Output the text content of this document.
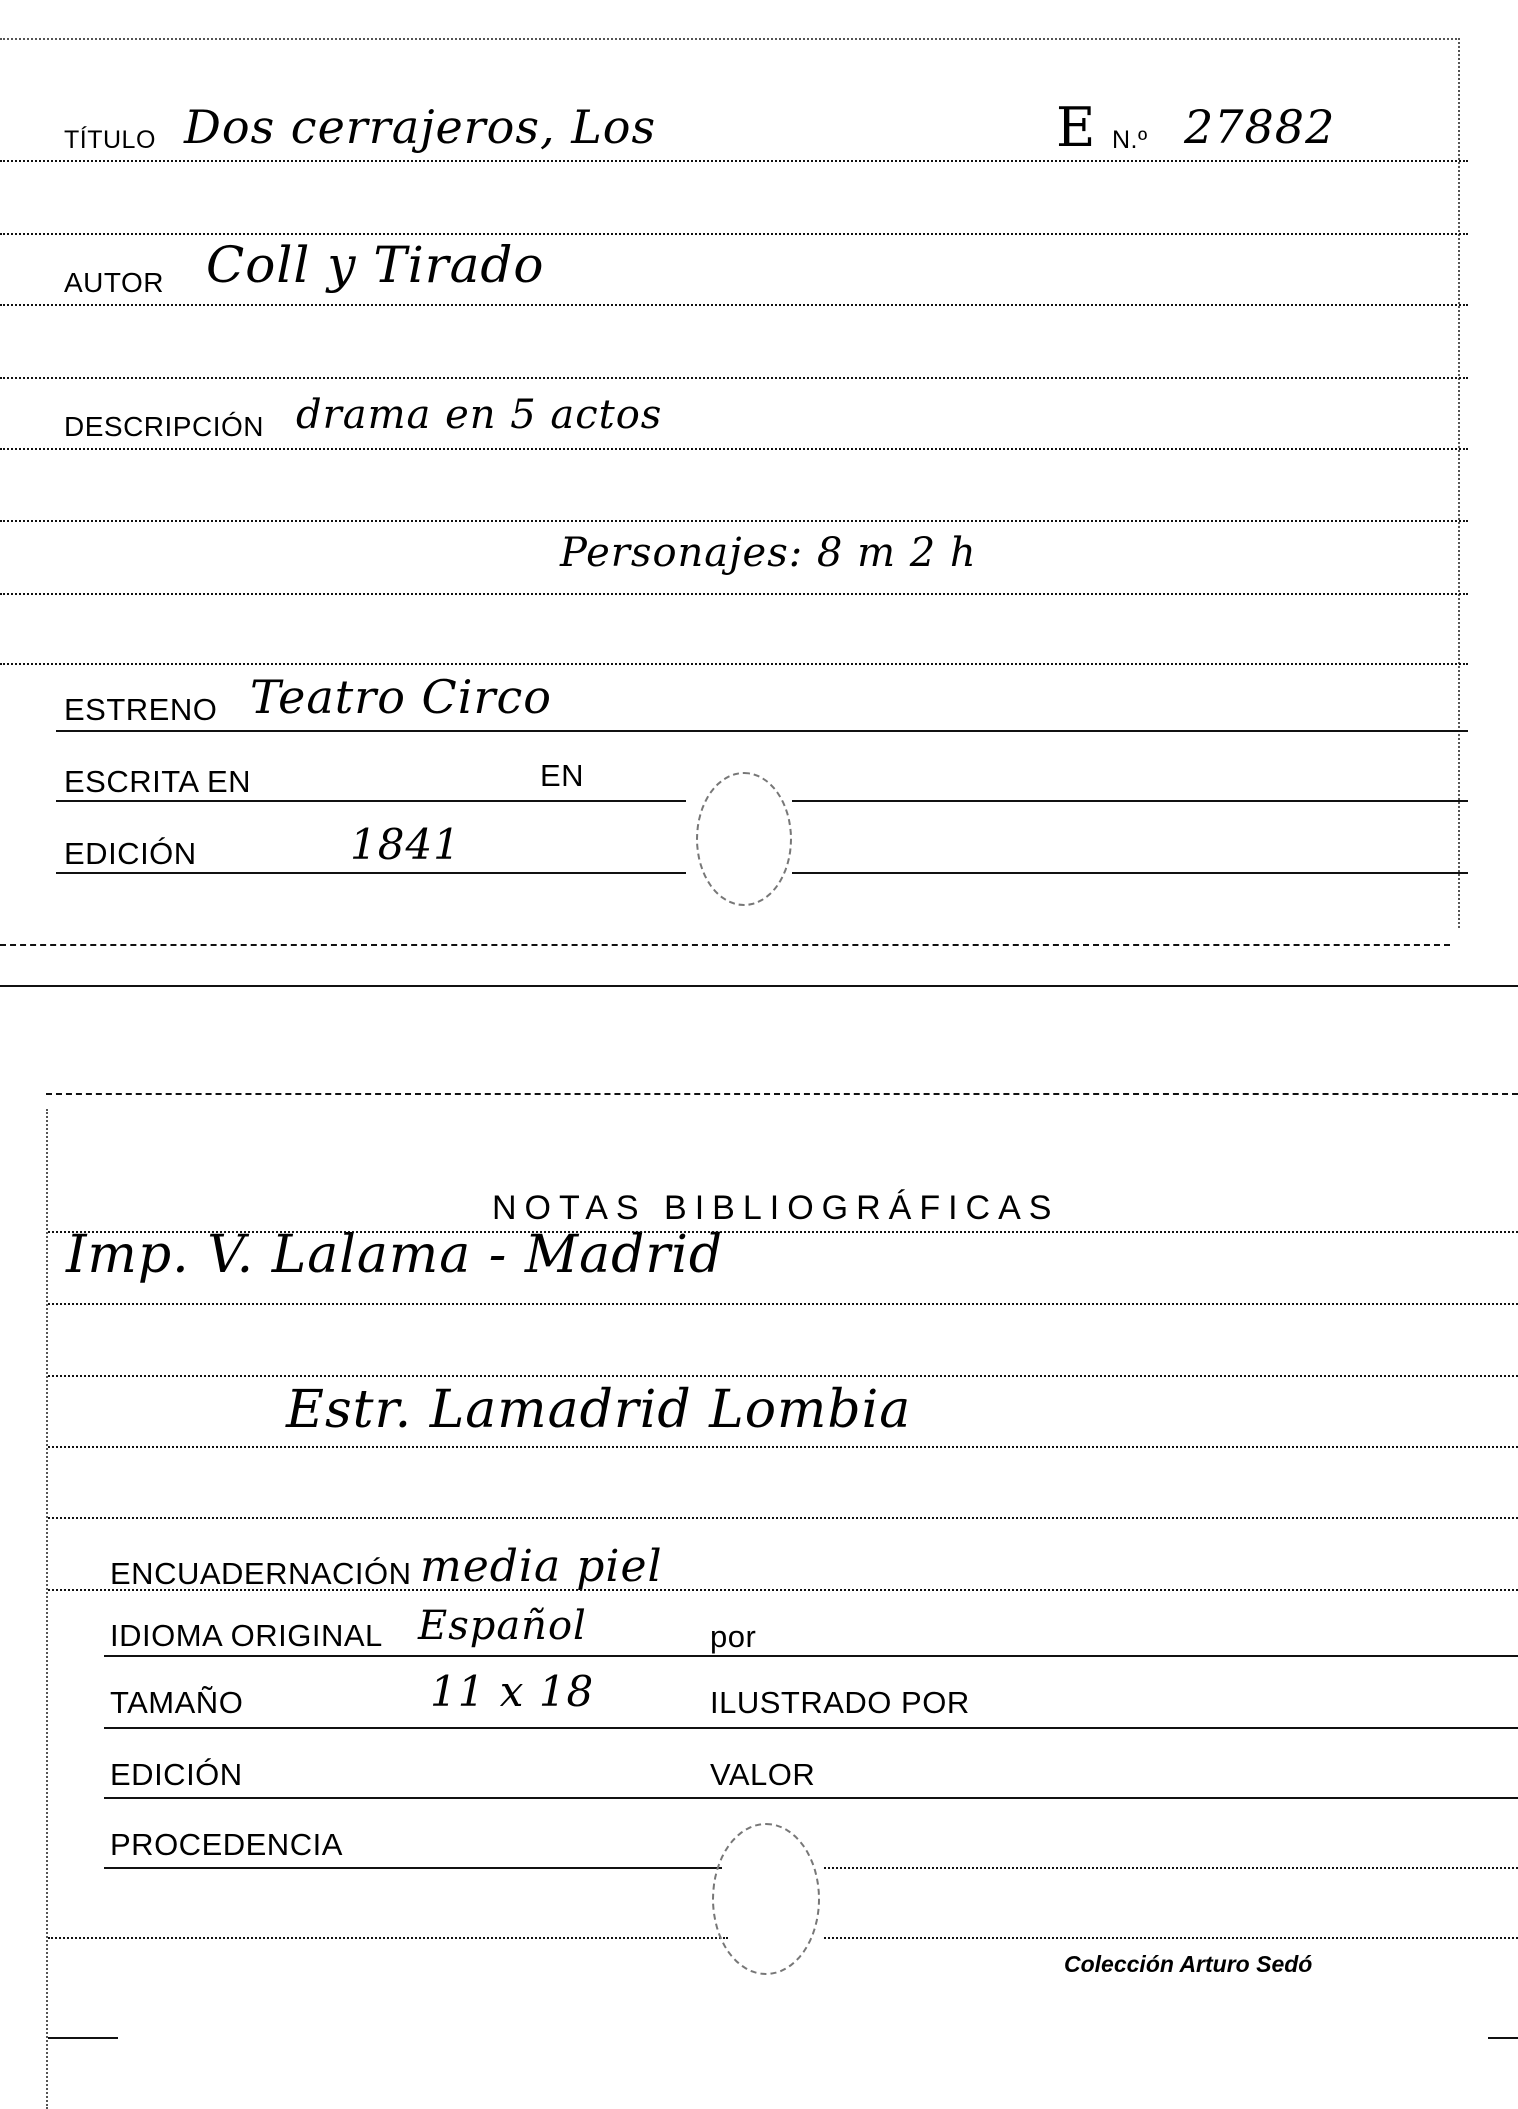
TÍTULO Dos cerrajeros, Los	E N.º 27882
AUTOR Coll y Tirado
DESCRIPCIÓN drama en 5 actos
Personajes: 8 m 2 h
ESTRENO Teatro Circo
ESCRITA EN	EN
EDICIÓN	1841
NOTAS BIBLIOGRÁFICAS
Imp. V. Lalama - Madrid
Estr. Lamadrid Lombia
ENCUADERNACIÓN media piel
IDIOMA ORIGINAL Español	por
TAMAÑO	11 x 18	ILUSTRADO POR
EDICIÓN	VALOR
PROCEDENCIA
Colección Arturo Sedó
